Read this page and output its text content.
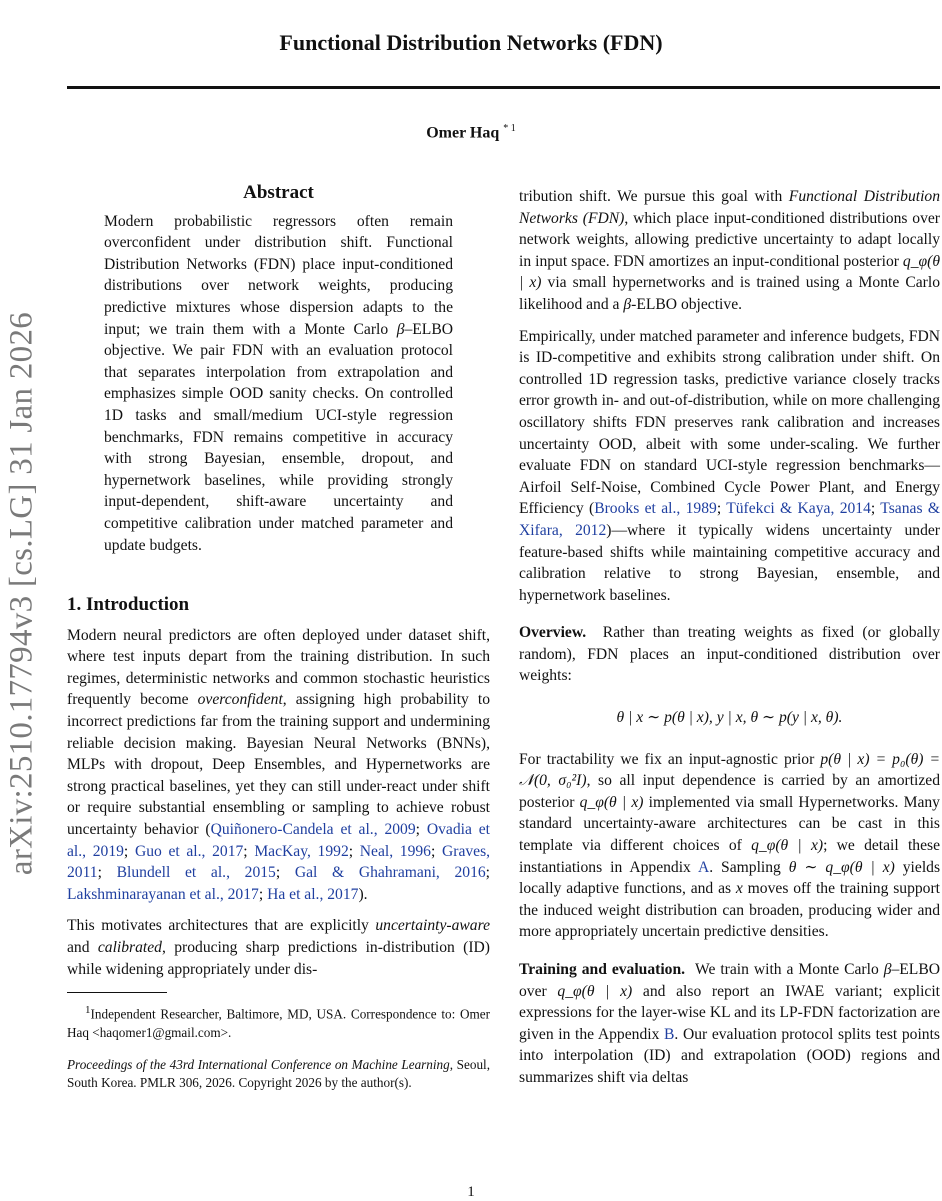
Functional Distribution Networks (FDN)
Omer Haq $^{* 1}$
arXiv:2510.17794v3 [cs.LG] 31 Jan 2026
Abstract

Modern probabilistic regressors often remain overconfident under distribution shift. Functional Distribution Networks (FDN) place input-conditioned distributions over network weights, producing predictive mixtures whose dispersion adapts to the input; we train them with a Monte Carlo β–ELBO objective. We pair FDN with an evaluation protocol that separates interpolation from extrapolation and emphasizes simple OOD sanity checks. On controlled 1D tasks and small/medium UCI-style regression benchmarks, FDN remains competitive in accuracy with strong Bayesian, ensemble, dropout, and hypernetwork baselines, while providing strongly input-dependent, shift-aware uncertainty and competitive calibration under matched parameter and update budgets.

1. Introduction

Modern neural predictors are often deployed under dataset shift, where test inputs depart from the training distribution. In such regimes, deterministic networks and common stochastic heuristics frequently become overconfident, assigning high probability to incorrect predictions far from the training support and undermining reliable decision making. Bayesian Neural Networks (BNNs), MLPs with dropout, Deep Ensembles, and Hypernetworks are strong practical baselines, yet they can still under-react under shift or require substantial ensembling or sampling to achieve robust uncertainty behavior (Quiñonero-Candela et al., 2009; Ovadia et al., 2019; Guo et al., 2017; MacKay, 1992; Neal, 1996; Graves, 2011; Blundell et al., 2015; Gal & Ghahramani, 2016; Lakshminarayanan et al., 2017; Ha et al., 2017).

This motivates architectures that are explicitly uncertainty-aware and calibrated, producing sharp predictions in-distribution (ID) while widening appropriately under dis-

$^1$Independent Researcher, Baltimore, MD, USA. Correspondence to: Omer Haq <haqomer1@gmail.com>.

Proceedings of the 43rd International Conference on Machine Learning, Seoul, South Korea. PMLR 306, 2026. Copyright 2026 by the author(s).

tribution shift. We pursue this goal with Functional Distribution Networks (FDN), which place input-conditioned distributions over network weights, allowing predictive uncertainty to adapt locally in input space. FDN amortizes an input-conditional posterior q_φ(θ | x) via small hypernetworks and is trained using a Monte Carlo likelihood and a β-ELBO objective.

Empirically, under matched parameter and inference budgets, FDN is ID-competitive and exhibits strong calibration under shift. On controlled 1D regression tasks, predictive variance closely tracks error growth in- and out-of-distribution, while on more challenging oscillatory shifts FDN preserves rank calibration and increases uncertainty OOD, albeit with some under-scaling. We further evaluate FDN on standard UCI-style regression benchmarks—Airfoil Self-Noise, Combined Cycle Power Plant, and Energy Efficiency (Brooks et al., 1989; Tüfekci & Kaya, 2014; Tsanas & Xifara, 2012)—where it typically widens uncertainty under feature-based shifts while maintaining competitive accuracy and calibration relative to strong Bayesian, ensemble, and hypernetwork baselines.

Overview. Rather than treating weights as fixed (or globally random), FDN places an input-conditioned distribution over weights:

θ | x ∼ p(θ | x), y | x, θ ∼ p(y | x, θ).

For tractability we fix an input-agnostic prior p(θ | x) = p₀(θ) = 𝒩(0, σ₀²I), so all input dependence is carried by an amortized posterior q_φ(θ | x) implemented via small Hypernetworks. Many standard uncertainty-aware architectures can be cast in this template via different choices of q_φ(θ | x); we detail these instantiations in Appendix A. Sampling θ ∼ q_φ(θ | x) yields locally adaptive functions, and as x moves off the training support the induced weight distribution can broaden, producing wider and more appropriately uncertain predictive densities.

Training and evaluation. We train with a Monte Carlo β–ELBO over q_φ(θ | x) and also report an IWAE variant; explicit expressions for the layer-wise KL and its LP-FDN factorization are given in the Appendix B. Our evaluation protocol splits test points into interpolation (ID) and extrapolation (OOD) regions and summarizes shift via deltas

1
